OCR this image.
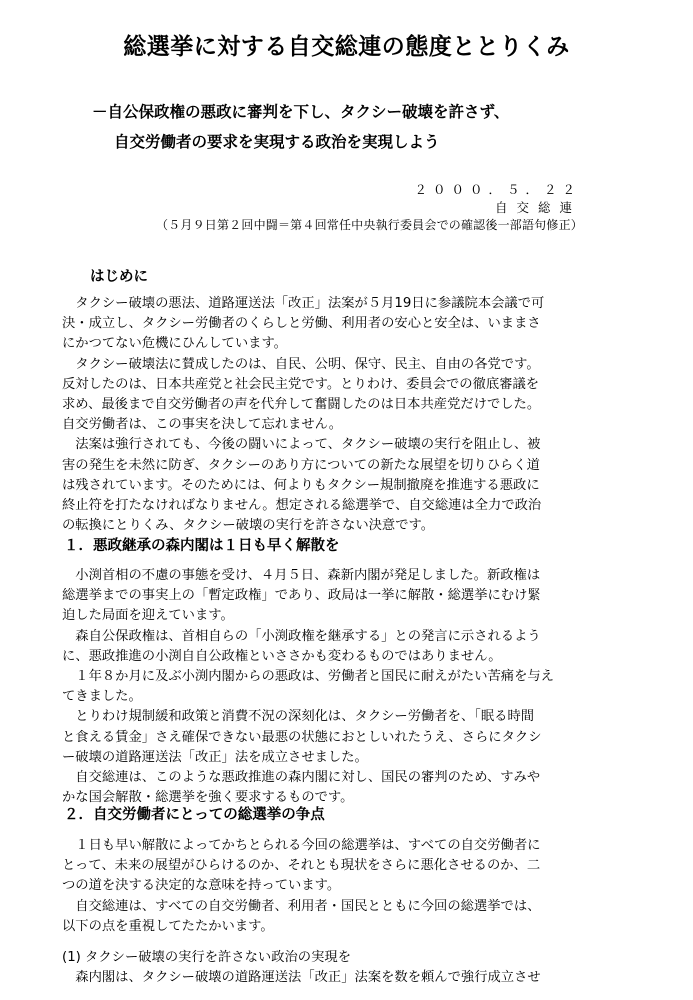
総選挙に対する自交総連の態度ととりくみ
－自公保政権の悪政に審判を下し、タクシー破壊を許さず、
自交労働者の要求を実現する政治を実現しよう
２０００．５．２２
自交総連
（５月９日第２回中闘＝第４回常任中央執行委員会での確認後一部語句修正）
はじめに
　タクシー破壊の悪法、道路運送法「改正」法案が５月19日に参議院本会議で可
決・成立し、タクシー労働者のくらしと労働、利用者の安心と安全は、いままさ
にかつてない危機にひんしています。
　タクシー破壊法に賛成したのは、自民、公明、保守、民主、自由の各党です。
反対したのは、日本共産党と社会民主党です。とりわけ、委員会での徹底審議を
求め、最後まで自交労働者の声を代弁して奮闘したのは日本共産党だけでした。
自交労働者は、この事実を決して忘れません。
　法案は強行されても、今後の闘いによって、タクシー破壊の実行を阻止し、被
害の発生を未然に防ぎ、タクシーのあり方についての新たな展望を切りひらく道
は残されています。そのためには、何よりもタクシー規制撤廃を推進する悪政に
終止符を打たなければなりません。想定される総選挙で、自交総連は全力で政治
の転換にとりくみ、タクシー破壊の実行を許さない決意です。
１．悪政継承の森内閣は１日も早く解散を
　小渕首相の不慮の事態を受け、４月５日、森新内閣が発足しました。新政権は
総選挙までの事実上の「暫定政権」であり、政局は一挙に解散・総選挙にむけ緊
迫した局面を迎えています。
　森自公保政権は、首相自らの「小渕政権を継承する」との発言に示されるよう
に、悪政推進の小渕自自公政権といささかも変わるものではありません。
　１年８か月に及ぶ小渕内閣からの悪政は、労働者と国民に耐えがたい苦痛を与え
てきました。
　とりわけ規制緩和政策と消費不況の深刻化は、タクシー労働者を、「眠る時間
と食える賃金」さえ確保できない最悪の状態におとしいれたうえ、さらにタクシ
ー破壊の道路運送法「改正」法を成立させました。
　自交総連は、このような悪政推進の森内閣に対し、国民の審判のため、すみや
かな国会解散・総選挙を強く要求するものです。
２．自交労働者にとっての総選挙の争点
　１日も早い解散によってかちとられる今回の総選挙は、すべての自交労働者に
とって、未来の展望がひらけるのか、それとも現状をさらに悪化させるのか、二
つの道を決する決定的な意味を持っています。
　自交総連は、すべての自交労働者、利用者・国民とともに今回の総選挙では、
以下の点を重視してたたかいます。
(1) タクシー破壊の実行を許さない政治の実現を
　森内閣は、タクシー破壊の道路運送法「改正」法案を数を頼んで強行成立させ
